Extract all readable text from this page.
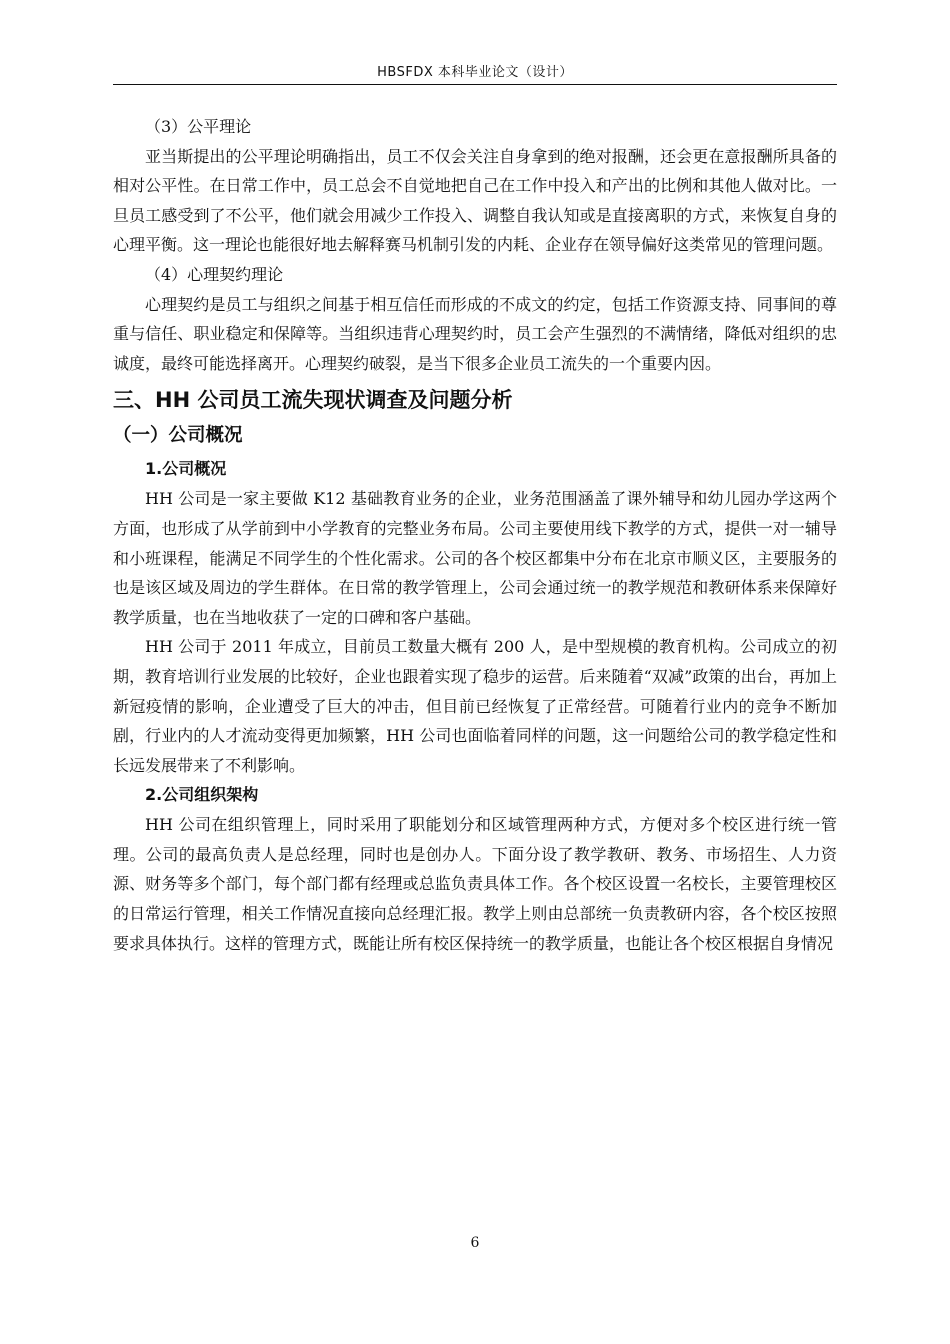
HBSFDX 本科毕业论文（设计）

（3）公平理论

亚当斯提出的公平理论明确指出，员工不仅会关注自身拿到的绝对报酬，还会更在意报酬所具备的相对公平性。在日常工作中，员工总会不自觉地把自己在工作中投入和产出的比例和其他人做对比。一旦员工感受到了不公平，他们就会用减少工作投入、调整自我认知或是直接离职的方式，来恢复自身的心理平衡。这一理论也能很好地去解释赛马机制引发的内耗、企业存在领导偏好这类常见的管理问题。

（4）心理契约理论

心理契约是员工与组织之间基于相互信任而形成的不成文的约定，包括工作资源支持、同事间的尊重与信任、职业稳定和保障等。当组织违背心理契约时，员工会产生强烈的不满情绪，降低对组织的忠诚度，最终可能选择离开。心理契约破裂，是当下很多企业员工流失的一个重要内因。

三、HH 公司员工流失现状调查及问题分析
（一）公司概况
1.公司概况

HH 公司是一家主要做 K12 基础教育业务的企业，业务范围涵盖了课外辅导和幼儿园办学这两个方面，也形成了从学前到中小学教育的完整业务布局。公司主要使用线下教学的方式，提供一对一辅导和小班课程，能满足不同学生的个性化需求。公司的各个校区都集中分布在北京市顺义区，主要服务的也是该区域及周边的学生群体。在日常的教学管理上，公司会通过统一的教学规范和教研体系来保障好教学质量，也在当地收获了一定的口碑和客户基础。

HH 公司于 2011 年成立，目前员工数量大概有 200 人，是中型规模的教育机构。公司成立的初期，教育培训行业发展的比较好，企业也跟着实现了稳步的运营。后来随着“双减”政策的出台，再加上新冠疫情的影响，企业遭受了巨大的冲击，但目前已经恢复了正常经营。可随着行业内的竞争不断加剧，行业内的人才流动变得更加频繁，HH 公司也面临着同样的问题，这一问题给公司的教学稳定性和长远发展带来了不利影响。

2.公司组织架构

HH 公司在组织管理上，同时采用了职能划分和区域管理两种方式，方便对多个校区进行统一管理。公司的最高负责人是总经理，同时也是创办人。下面分设了教学教研、教务、市场招生、人力资源、财务等多个部门，每个部门都有经理或总监负责具体工作。各个校区设置一名校长，主要管理校区的日常运行管理，相关工作情况直接向总经理汇报。教学上则由总部统一负责教研内容，各个校区按照要求具体执行。这样的管理方式，既能让所有校区保持统一的教学质量，也能让各个校区根据自身情况

6
